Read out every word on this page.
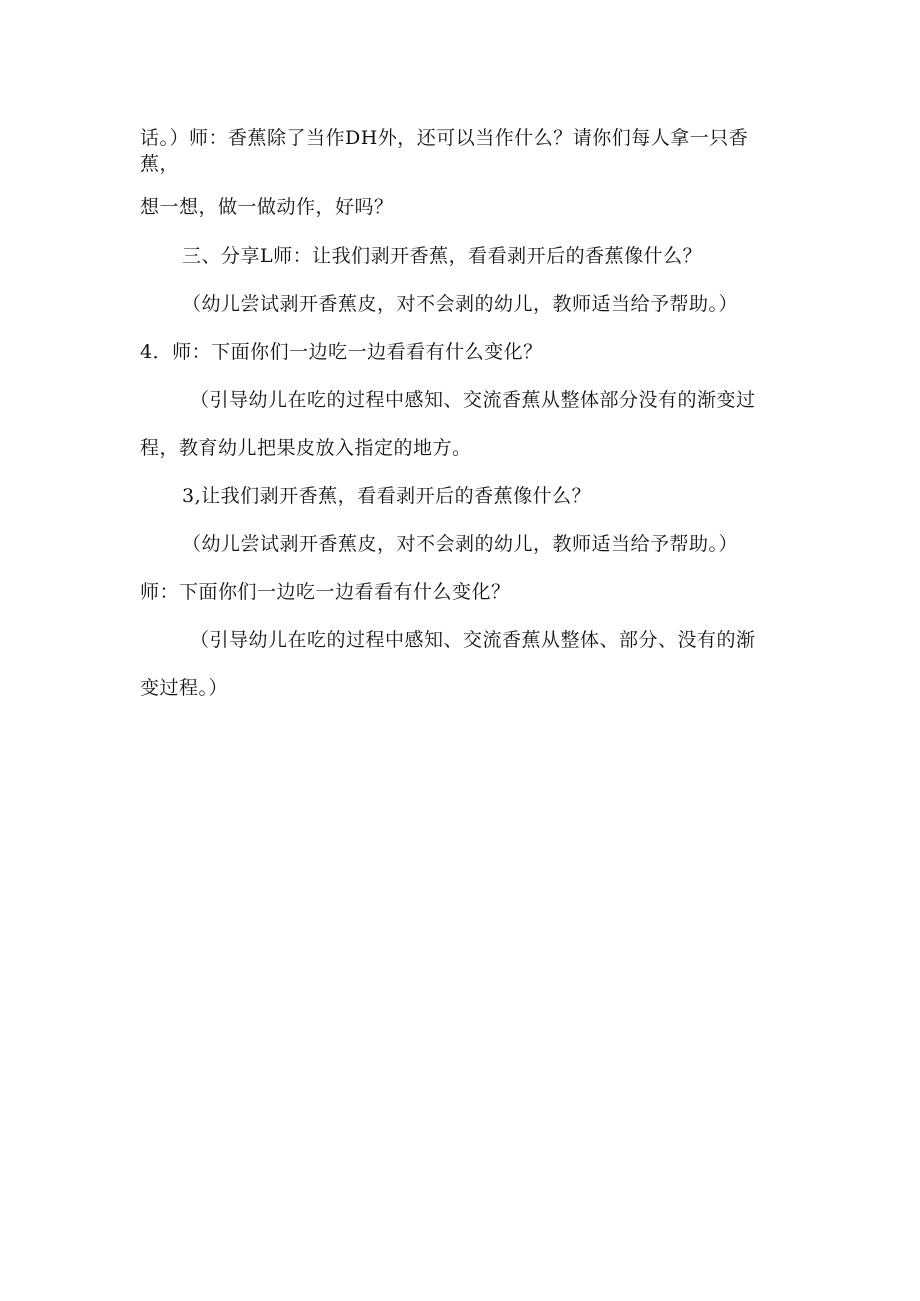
话。）师：香蕉除了当作DH外，还可以当作什么？请你们每人拿一只香
蕉，
想一想，做一做动作，好吗？
三、分享L师：让我们剥开香蕉，看看剥开后的香蕉像什么？
（幼儿尝试剥开香蕉皮，对不会剥的幼儿，教师适当给予帮助。）
4．师：下面你们一边吃一边看看有什么变化？
（引导幼儿在吃的过程中感知、交流香蕉从整体部分没有的渐变过
程，教育幼儿把果皮放入指定的地方。
3,让我们剥开香蕉，看看剥开后的香蕉像什么？
（幼儿尝试剥开香蕉皮，对不会剥的幼儿，教师适当给予帮助。）
师：下面你们一边吃一边看看有什么变化？
（引导幼儿在吃的过程中感知、交流香蕉从整体、部分、没有的渐
变过程。）
